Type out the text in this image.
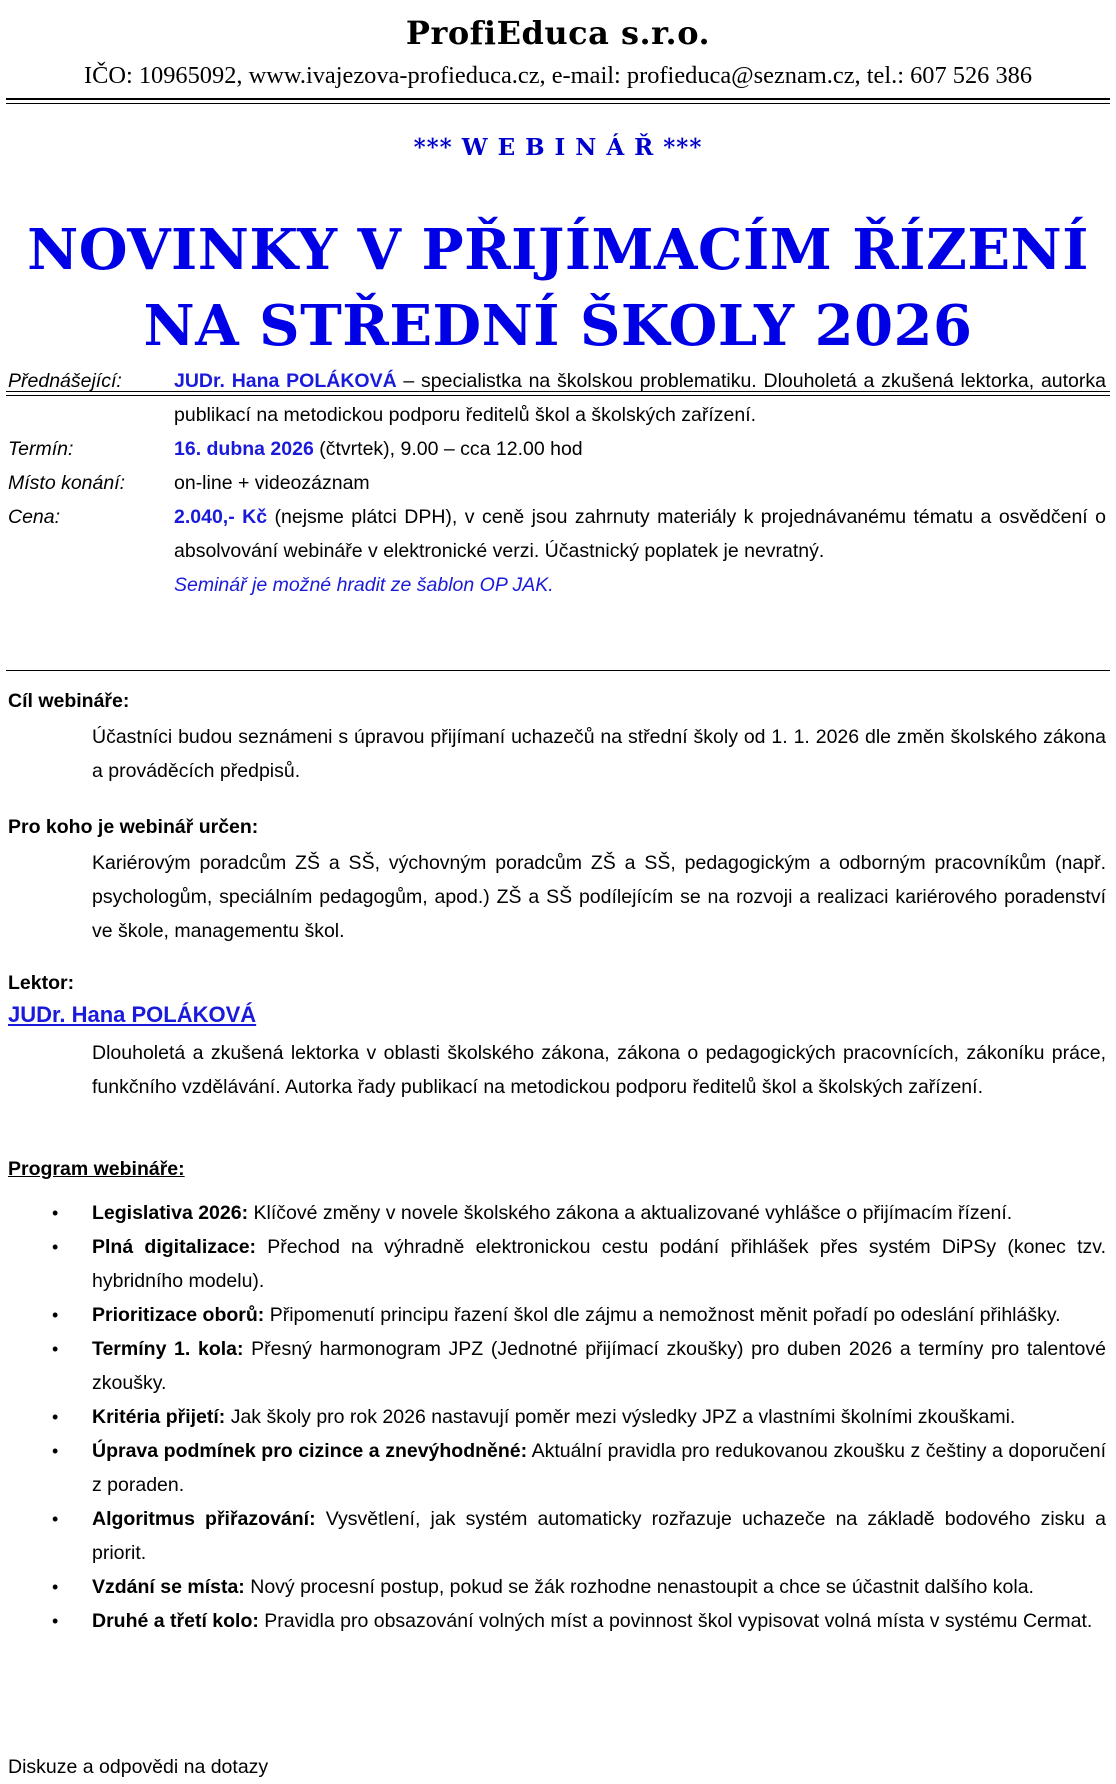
ProfiEduca s.r.o.
IČO: 10965092, www.ivajezova-profieduca.cz, e-mail: profieduca@seznam.cz, tel.: 607 526 386
*** WEBINÁŘ***
NOVINKY V PŘIJÍMACÍM ŘÍZENÍ
NA STŘEDNÍ ŠKOLY 2026
Přednášející:	JUDr. Hana POLÁKOVÁ – specialistka na školskou problematiku. Dlouholetá a zkušená lektorka, autorka publikací na metodickou podporu ředitelů škol a školských zařízení.
Termín:	16. dubna 2026 (čtvrtek), 9.00 – cca 12.00 hod
Místo konání:	on-line + videozáznam
Cena:	2.040,- Kč (nejsme plátci DPH), v ceně jsou zahrnuty materiály k projednávanému tématu a osvědčení o absolvování webináře v elektronické verzi. Účastnický poplatek je nevratný.
Seminář je možné hradit ze šablon OP JAK.
Cíl webináře:
Účastníci budou seznámeni s úpravou přijímaní uchazečů na střední školy od 1. 1. 2026 dle změn školského zákona a prováděcích předpisů.
Pro koho je webinář určen:
Kariérovým poradcům ZŠ a SŠ, výchovným poradcům ZŠ a SŠ, pedagogickým a odborným pracovníkům (např. psychologům, speciálním pedagogům, apod.) ZŠ a SŠ podílejícím se na rozvoji a realizaci kariérového poradenství ve škole, managementu škol.
Lektor:
JUDr. Hana POLÁKOVÁ
Dlouholetá a zkušená lektorka v oblasti školského zákona, zákona o pedagogických pracovnících, zákoníku práce, funkčního vzdělávání. Autorka řady publikací na metodickou podporu ředitelů škol a školských zařízení.
Program webináře:
• Legislativa 2026: Klíčové změny v novele školského zákona a aktualizované vyhlášce o přijímacím řízení.
• Plná digitalizace: Přechod na výhradně elektronickou cestu podání přihlášek přes systém DiPSy (konec tzv. hybridního modelu).
• Prioritizace oborů: Připomenutí principu řazení škol dle zájmu a nemožnost měnit pořadí po odeslání přihlášky.
• Termíny 1. kola: Přesný harmonogram JPZ (Jednotné přijímací zkoušky) pro duben 2026 a termíny pro talentové zkoušky.
• Kritéria přijetí: Jak školy pro rok 2026 nastavují poměr mezi výsledky JPZ a vlastními školními zkouškami.
• Úprava podmínek pro cizince a znevýhodněné: Aktuální pravidla pro redukovanou zkoušku z češtiny a doporučení z poraden.
• Algoritmus přiřazování: Vysvětlení, jak systém automaticky rozřazuje uchazeče na základě bodového zisku a priorit.
• Vzdání se místa: Nový procesní postup, pokud se žák rozhodne nenastoupit a chce se účastnit dalšího kola.
• Druhé a třetí kolo: Pravidla pro obsazování volných míst a povinnost škol vypisovat volná místa v systému Cermat.
Diskuze a odpovědi na dotazy
